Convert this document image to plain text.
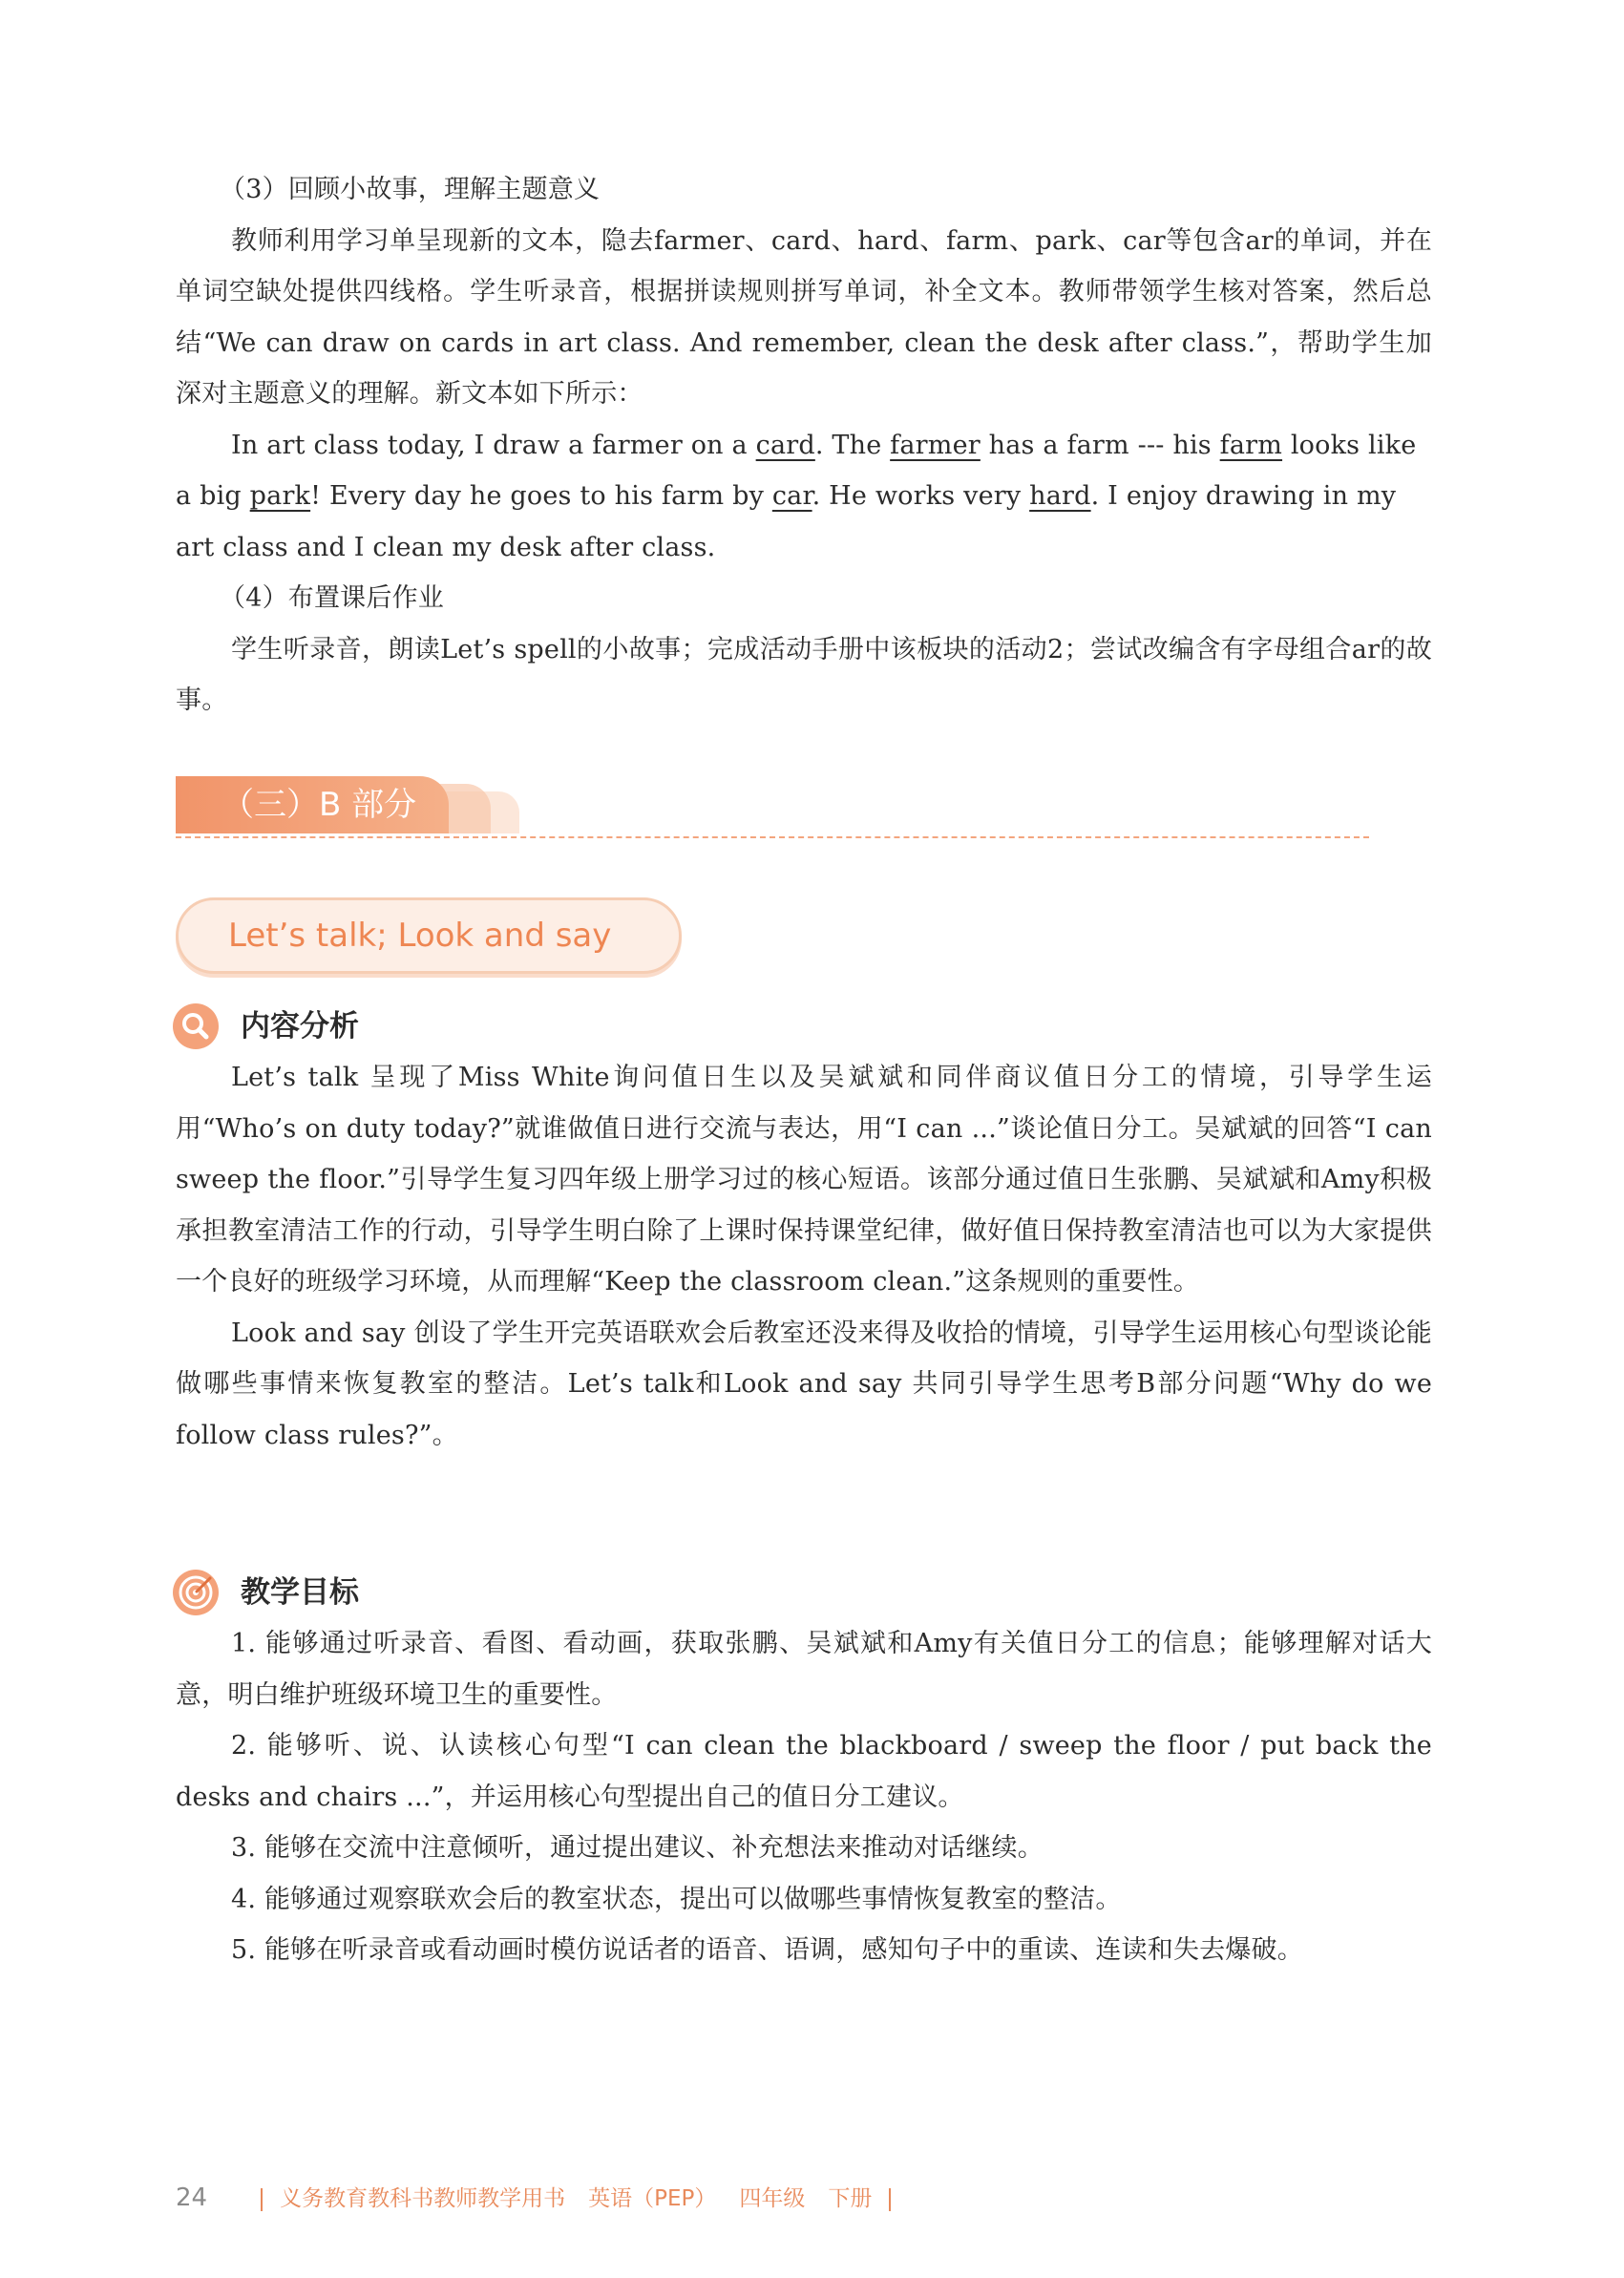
（3）回顾小故事，理解主题意义

教师利用学习单呈现新的文本，隐去farmer、card、hard、farm、park、car等包含ar的单词，并在单词空缺处提供四线格。学生听录音，根据拼读规则拼写单词，补全文本。教师带领学生核对答案，然后总结“We can draw on cards in art class. And remember, clean the desk after class.”，帮助学生加深对主题意义的理解。新文本如下所示：

In art class today, I draw a farmer on a card. The farmer has a farm --- his farm looks like a big park! Every day he goes to his farm by car. He works very hard. I enjoy drawing in my art class and I clean my desk after class.

（4）布置课后作业

学生听录音，朗读Let’s spell的小故事；完成活动手册中该板块的活动2；尝试改编含有字母组合ar的故事。

（三）B 部分
Let’s talk; Look and say
内容分析

Let’s talk 呈现了Miss White询问值日生以及吴斌斌和同伴商议值日分工的情境，引导学生运用“Who’s on duty today?”就谁做值日进行交流与表达，用“I can ...”谈论值日分工。吴斌斌的回答“I can sweep the floor.”引导学生复习四年级上册学习过的核心短语。该部分通过值日生张鹏、吴斌斌和Amy积极承担教室清洁工作的行动，引导学生明白除了上课时保持课堂纪律，做好值日保持教室清洁也可以为大家提供一个良好的班级学习环境，从而理解“Keep the classroom clean.”这条规则的重要性。

Look and say 创设了学生开完英语联欢会后教室还没来得及收拾的情境，引导学生运用核心句型谈论能做哪些事情来恢复教室的整洁。Let’s talk和Look and say 共同引导学生思考B部分问题“Why do we follow class rules?”。

教学目标

1. 能够通过听录音、看图、看动画，获取张鹏、吴斌斌和Amy有关值日分工的信息；能够理解对话大意，明白维护班级环境卫生的重要性。

2. 能够听、说、认读核心句型“I can clean the blackboard / sweep the floor / put back the desks and chairs ...”，并运用核心句型提出自己的值日分工建议。

3. 能够在交流中注意倾听，通过提出建议、补充想法来推动对话继续。

4. 能够通过观察联欢会后的教室状态，提出可以做哪些事情恢复教室的整洁。

5. 能够在听录音或看动画时模仿说话者的语音、语调，感知句子中的重读、连读和失去爆破。

24	义务教育教科书教师教学用书 英语（PEP） 四年级 下册
